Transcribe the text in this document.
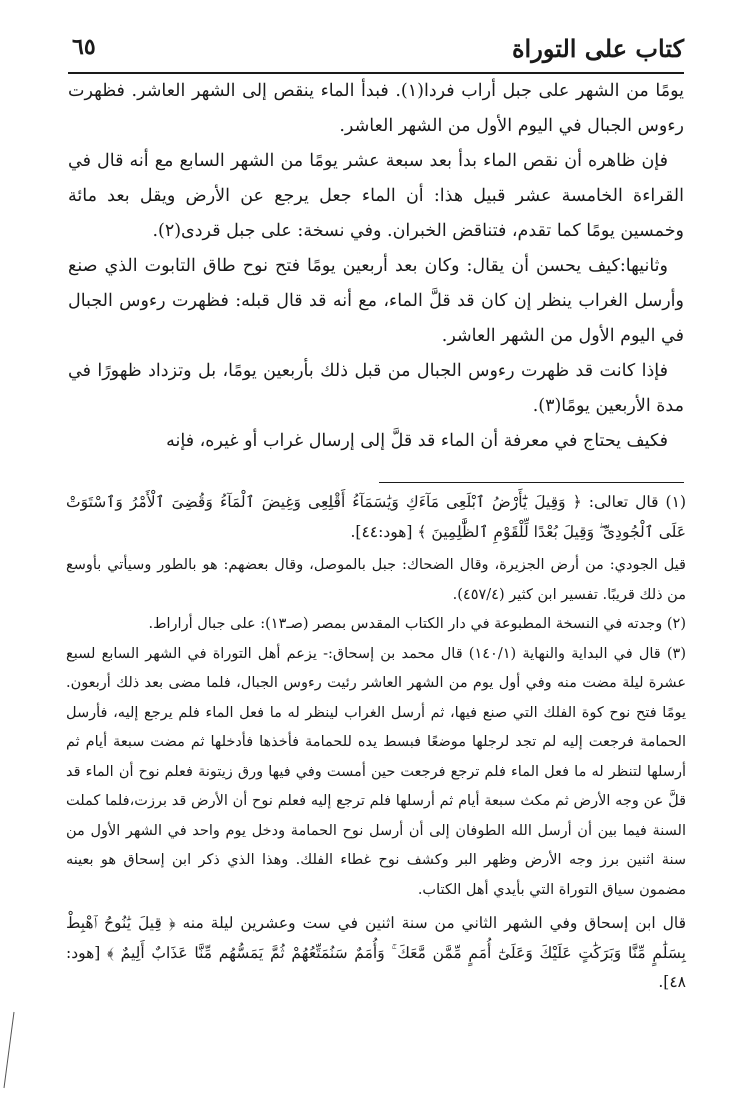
كتاب على التوراة
٦٥

يومًا من الشهر على جبل أراب فردا(١). فبدأ الماء ينقص إلى الشهر العاشر. فظهرت رءوس الجبال في اليوم الأول من الشهر العاشر.

فإن ظاهره أن نقص الماء بدأ بعد سبعة عشر يومًا من الشهر السابع مع أنه قال في القراءة الخامسة عشر قبيل هذا: أن الماء جعل يرجع عن الأرض ويقل بعد مائة وخمسين يومًا كما تقدم، فتناقض الخبران. وفي نسخة: على جبل قردى(٢).

وثانيها:كيف يحسن أن يقال: وكان بعد أربعين يومًا فتح نوح طاق التابوت الذي صنع وأرسل الغراب ينظر إن كان قد قلَّ الماء، مع أنه قد قال قبله: فظهرت رءوس الجبال في اليوم الأول من الشهر العاشر.

فإذا كانت قد ظهرت رءوس الجبال من قبل ذلك بأربعين يومًا، بل وتزداد ظهورًا في مدة الأربعين يومًا(٣).

فكيف يحتاج في معرفة أن الماء قد قلَّ إلى إرسال غراب أو غيره، فإنه

(١) قال تعالى: ﴿ وَقِيلَ يَٰٓأَرْضُ ٱبْلَعِى مَآءَكِ وَيَٰسَمَآءُ أَقْلِعِى وَغِيضَ ٱلْمَآءُ وَقُضِىَ ٱلْأَمْرُ وَٱسْتَوَتْ عَلَى ٱلْجُودِىِّ ۖ وَقِيلَ بُعْدًا لِّلْقَوْمِ ٱلظَّٰلِمِينَ ﴾ [هود:٤٤].

قيل الجودي: من أرض الجزيرة، وقال الضحاك: جبل بالموصل، وقال بعضهم: هو بالطور وسيأتي بأوسع من ذلك قريبًا. تفسير ابن كثير (٤٥٧/٤).

(٢) وجدته في النسخة المطبوعة في دار الكتاب المقدس بمصر (صـ١٣): على جبال أراراط.

(٣) قال في البداية والنهاية (١٤٠/١) قال محمد بن إسحاق:- يزعم أهل التوراة في الشهر السابع لسبع عشرة ليلة مضت منه وفي أول يوم من الشهر العاشر رئيت رءوس الجبال، فلما مضى بعد ذلك أربعون. يومًا فتح نوح كوة الفلك التي صنع فيها، ثم أرسل الغراب لينظر له ما فعل الماء فلم يرجع إليه، فأرسل الحمامة فرجعت إليه لم تجد لرجلها موضعًا فبسط يده للحمامة فأخذها فأدخلها ثم مضت سبعة أيام ثم أرسلها لتنظر له ما فعل الماء فلم ترجع فرجعت حين أمست وفي فيها ورق زيتونة فعلم نوح أن الماء قد قلَّ عن وجه الأرض ثم مكث سبعة أيام ثم أرسلها فلم ترجع إليه فعلم نوح أن الأرض قد برزت،فلما كملت السنة فيما بين أن أرسل الله الطوفان إلى أن أرسل نوح الحمامة ودخل يوم واحد في الشهر الأول من سنة اثنين برز وجه الأرض وظهر البر وكشف نوح غطاء الفلك. وهذا الذي ذكر ابن إسحاق هو بعينه مضمون سياق التوراة التي بأيدي أهل الكتاب.

قال ابن إسحاق وفي الشهر الثاني من سنة اثنين في ست وعشرين ليلة منه ﴿ قِيلَ يَٰنُوحُ ٱهْبِطْ بِسَلَٰمٍ مِّنَّا وَبَرَكَٰتٍ عَلَيْكَ وَعَلَىٰٓ أُمَمٍ مِّمَّن مَّعَكَ ۚ وَأُمَمٌ سَنُمَتِّعُهُمْ ثُمَّ يَمَسُّهُم مِّنَّا عَذَابٌ أَلِيمٌ ﴾ [هود: ٤٨].
